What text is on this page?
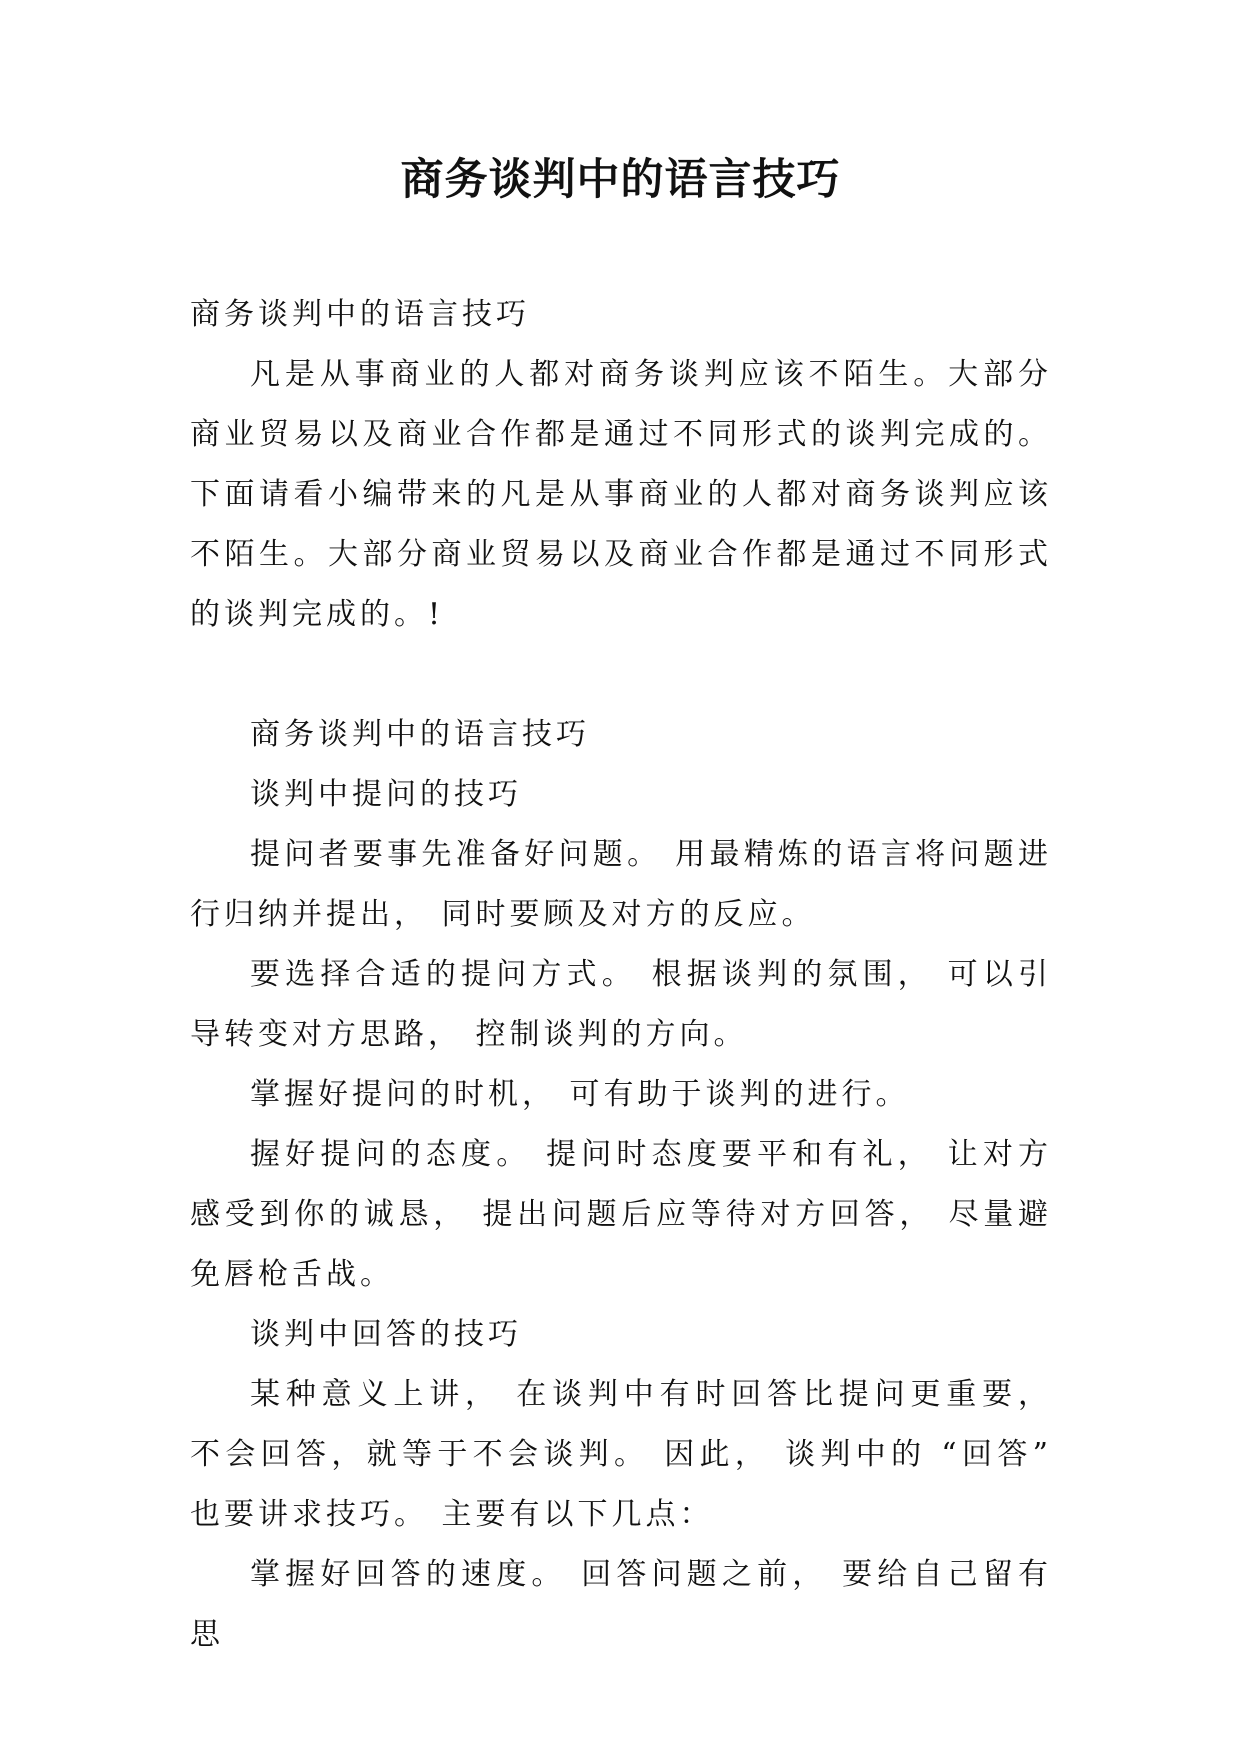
商务谈判中的语言技巧

商务谈判中的语言技巧

凡是从事商业的人都对商务谈判应该不陌生。大部分商业贸易以及商业合作都是通过不同形式的谈判完成的。下面请看小编带来的凡是从事商业的人都对商务谈判应该不陌生。大部分商业贸易以及商业合作都是通过不同形式的谈判完成的。!

商务谈判中的语言技巧

谈判中提问的技巧

提问者要事先准备好问题。 用最精炼的语言将问题进行归纳并提出， 同时要顾及对方的反应。

要选择合适的提问方式。 根据谈判的氛围， 可以引导转变对方思路， 控制谈判的方向。

掌握好提问的时机， 可有助于谈判的进行。

握好提问的态度。 提问时态度要平和有礼， 让对方感受到你的诚恳， 提出问题后应等待对方回答， 尽量避免唇枪舌战。

谈判中回答的技巧

某种意义上讲， 在谈判中有时回答比提问更重要， 不会回答，就等于不会谈判。 因此， 谈判中的 “回答” 也要讲求技巧。 主要有以下几点：

掌握好回答的速度。 回答问题之前， 要给自己留有思
